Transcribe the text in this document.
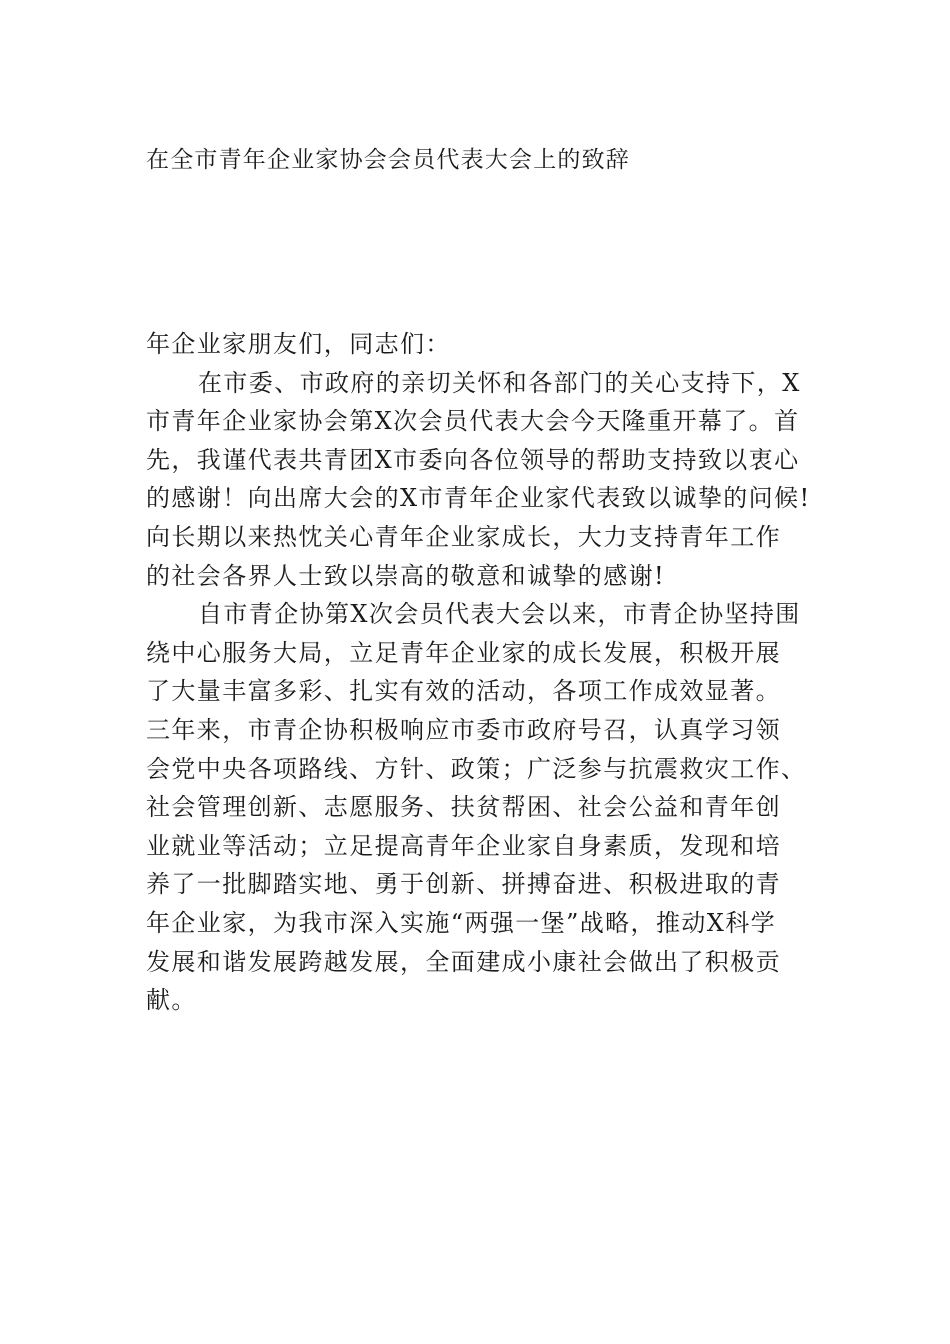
在全市青年企业家协会会员代表大会上的致辞
年企业家朋友们，同志们：
在市委、市政府的亲切关怀和各部门的关心支持下，X
市青年企业家协会第X次会员代表大会今天隆重开幕了。首
先，我谨代表共青团X市委向各位领导的帮助支持致以衷心
的感谢！向出席大会的X市青年企业家代表致以诚挚的问候!
向长期以来热忱关心青年企业家成长，大力支持青年工作
的社会各界人士致以崇高的敬意和诚挚的感谢!
自市青企协第X次会员代表大会以来，市青企协坚持围
绕中心服务大局，立足青年企业家的成长发展，积极开展
了大量丰富多彩、扎实有效的活动，各项工作成效显著。
三年来，市青企协积极响应市委市政府号召，认真学习领
会党中央各项路线、方针、政策；广泛参与抗震救灾工作、
社会管理创新、志愿服务、扶贫帮困、社会公益和青年创
业就业等活动；立足提高青年企业家自身素质，发现和培
养了一批脚踏实地、勇于创新、拼搏奋进、积极进取的青
年企业家，为我市深入实施“两强一堡”战略，推动X科学
发展和谐发展跨越发展，全面建成小康社会做出了积极贡
献。
